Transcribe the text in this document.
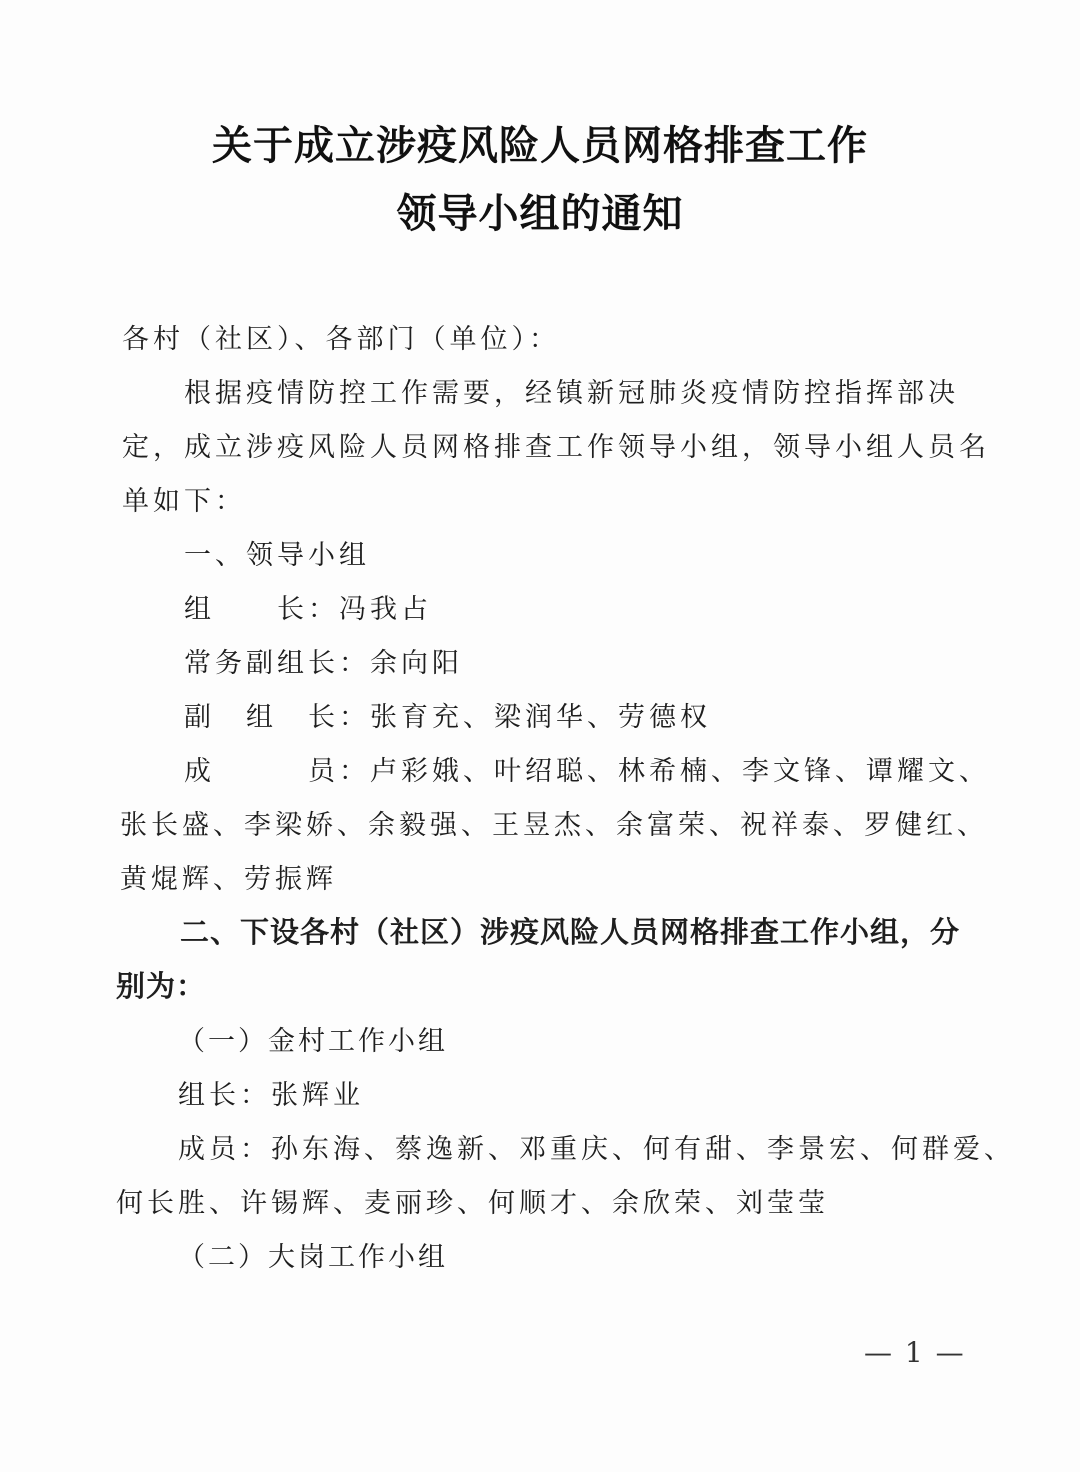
关于成立涉疫风险人员网格排查工作
领导小组的通知
各村（社区）、各部门（单位）：
根据疫情防控工作需要，经镇新冠肺炎疫情防控指挥部决
定，成立涉疫风险人员网格排查工作领导小组，领导小组人员名
单如下：
一、领导小组
组　　长：冯我占
常务副组长：余向阳
副　组　长：张育充、梁润华、劳德权
成　　　员：卢彩娥、叶绍聪、林希楠、李文锋、谭耀文、
张长盛、李梁娇、余毅强、王昱杰、余富荣、祝祥泰、罗健红、
黄焜辉、劳振辉
二、下设各村（社区）涉疫风险人员网格排查工作小组，分
别为：
（一）金村工作小组
组长：张辉业
成员：孙东海、蔡逸新、邓重庆、何有甜、李景宏、何群爱、
何长胜、许锡辉、麦丽珍、何顺才、余欣荣、刘莹莹
（二）大岗工作小组
— 1 —
